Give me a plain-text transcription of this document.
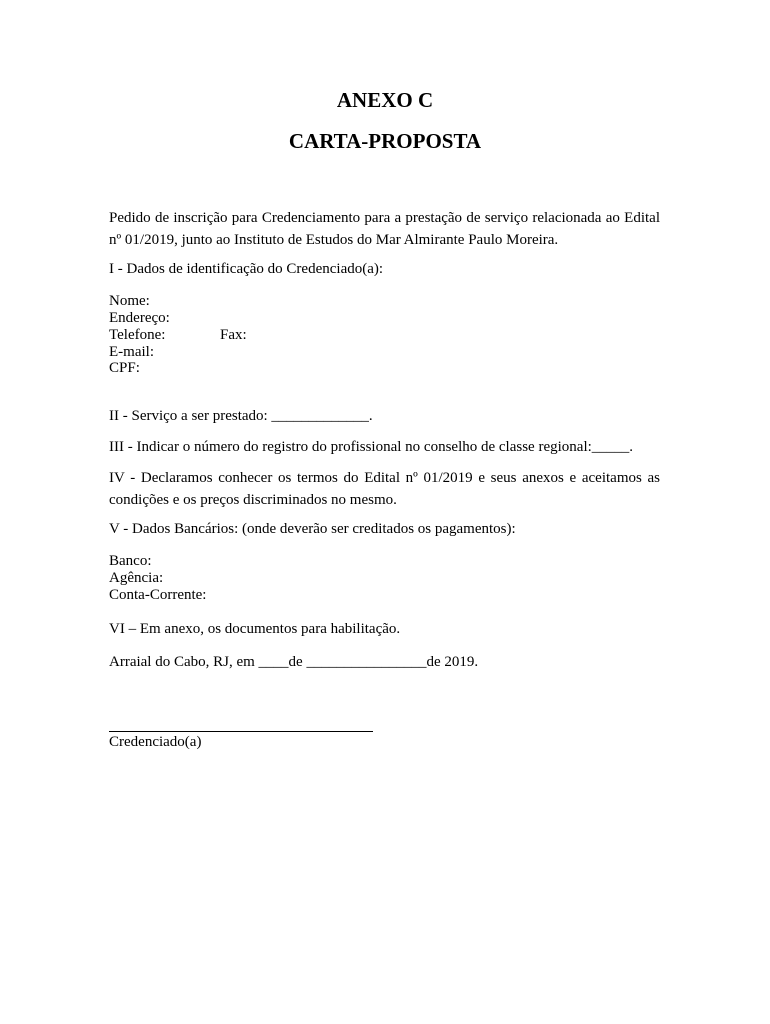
ANEXO C
CARTA-PROPOSTA
Pedido de inscrição para Credenciamento para a prestação de serviço relacionada ao Edital nº 01/2019, junto ao Instituto de Estudos do Mar Almirante Paulo Moreira.
I - Dados de identificação do Credenciado(a):
Nome:
Endereço:
Telefone:	Fax:
E-mail:
CPF:
II - Serviço a ser prestado: _____________.
III - Indicar o número do registro do profissional no conselho de classe regional:_____.
IV - Declaramos conhecer os termos do Edital nº 01/2019 e seus anexos e aceitamos as condições e os preços discriminados no mesmo.
V - Dados Bancários: (onde deverão ser creditados os pagamentos):
Banco:
Agência:
Conta-Corrente:
VI – Em anexo, os documentos para habilitação.
Arraial do Cabo, RJ, em ____de ________________de 2019.
Credenciado(a)
